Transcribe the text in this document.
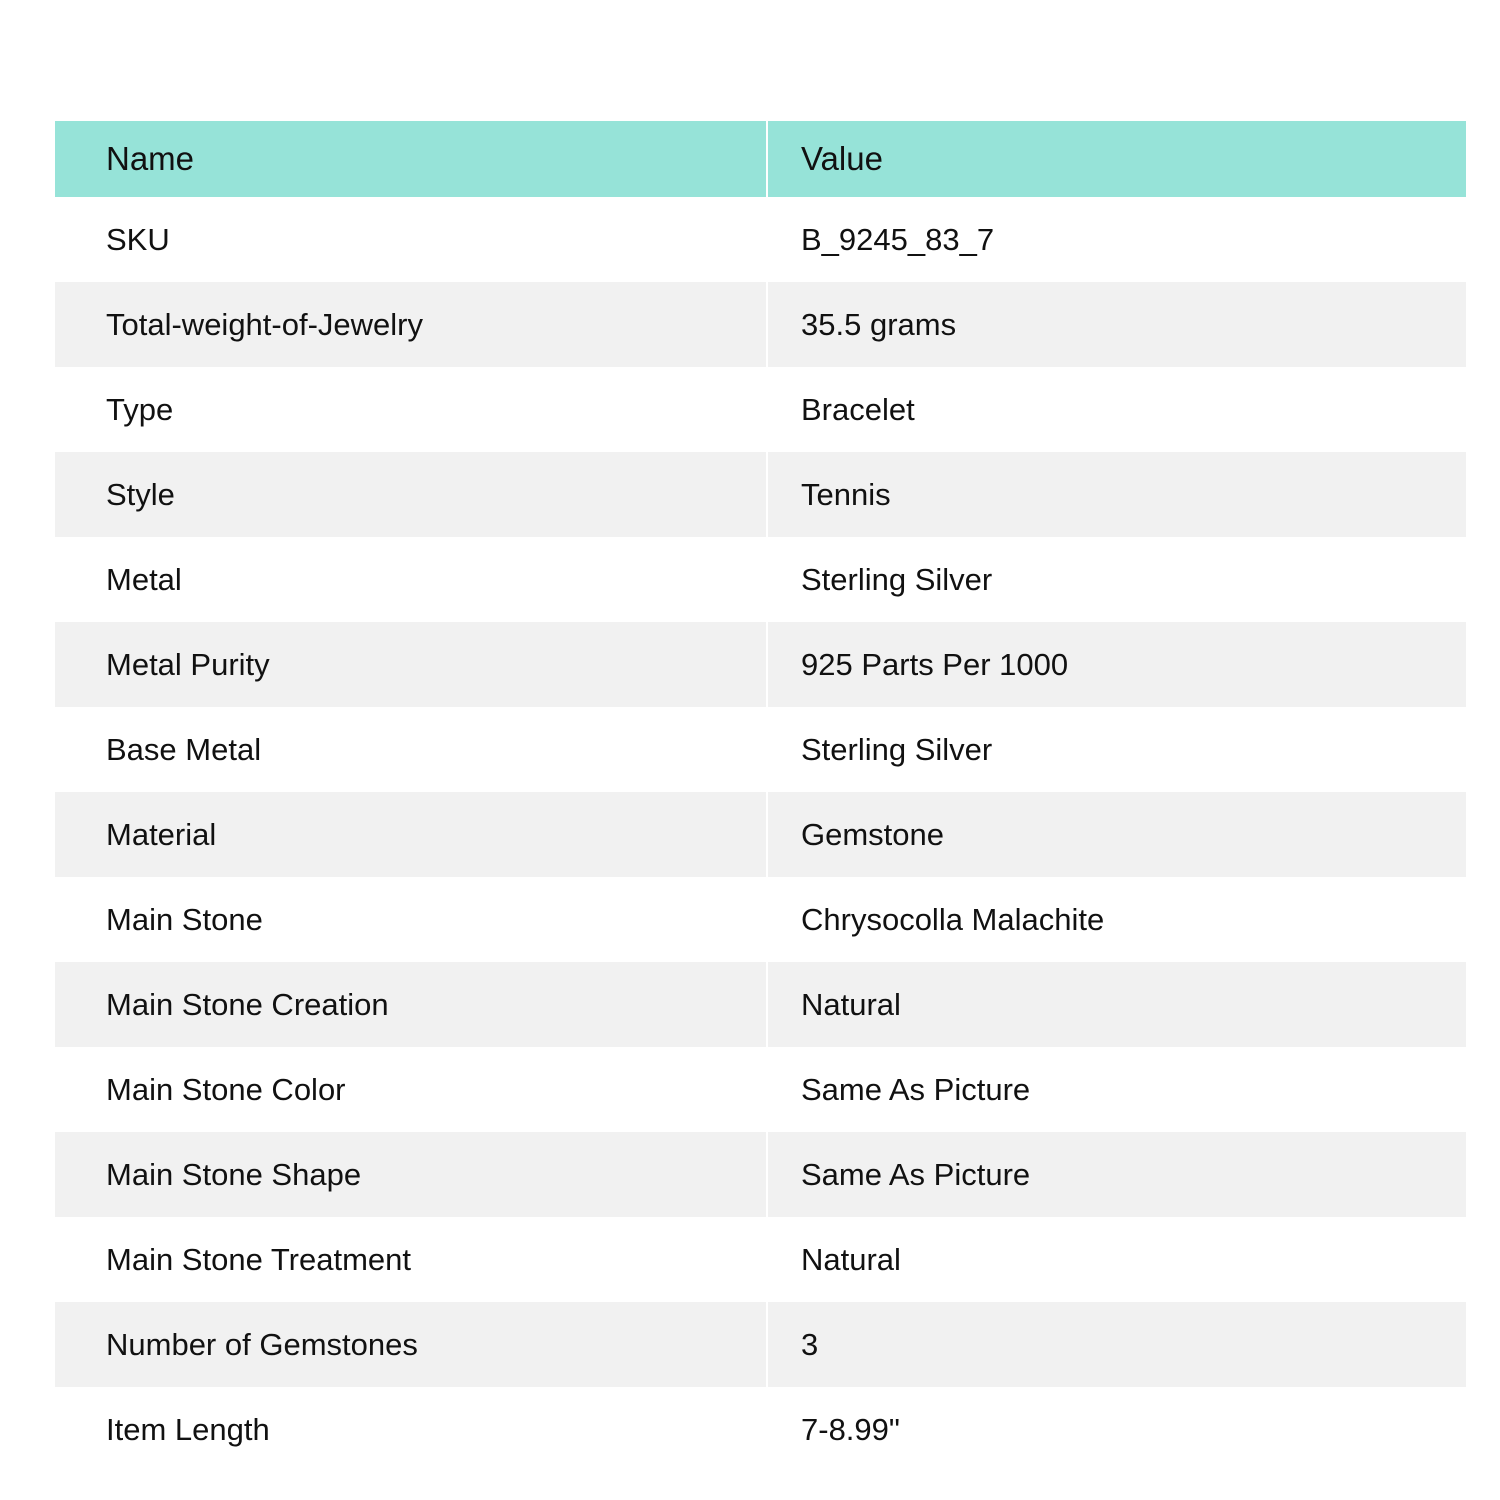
Name	Value
SKU	B_9245_83_7
Total-weight-of-Jewelry	35.5 grams
Type	Bracelet
Style	Tennis
Metal	Sterling Silver
Metal Purity	925 Parts Per 1000
Base Metal	Sterling Silver
Material	Gemstone
Main Stone	Chrysocolla Malachite
Main Stone Creation	Natural
Main Stone Color	Same As Picture
Main Stone Shape	Same As Picture
Main Stone Treatment	Natural
Number of Gemstones	3
Item Length	7-8.99"
